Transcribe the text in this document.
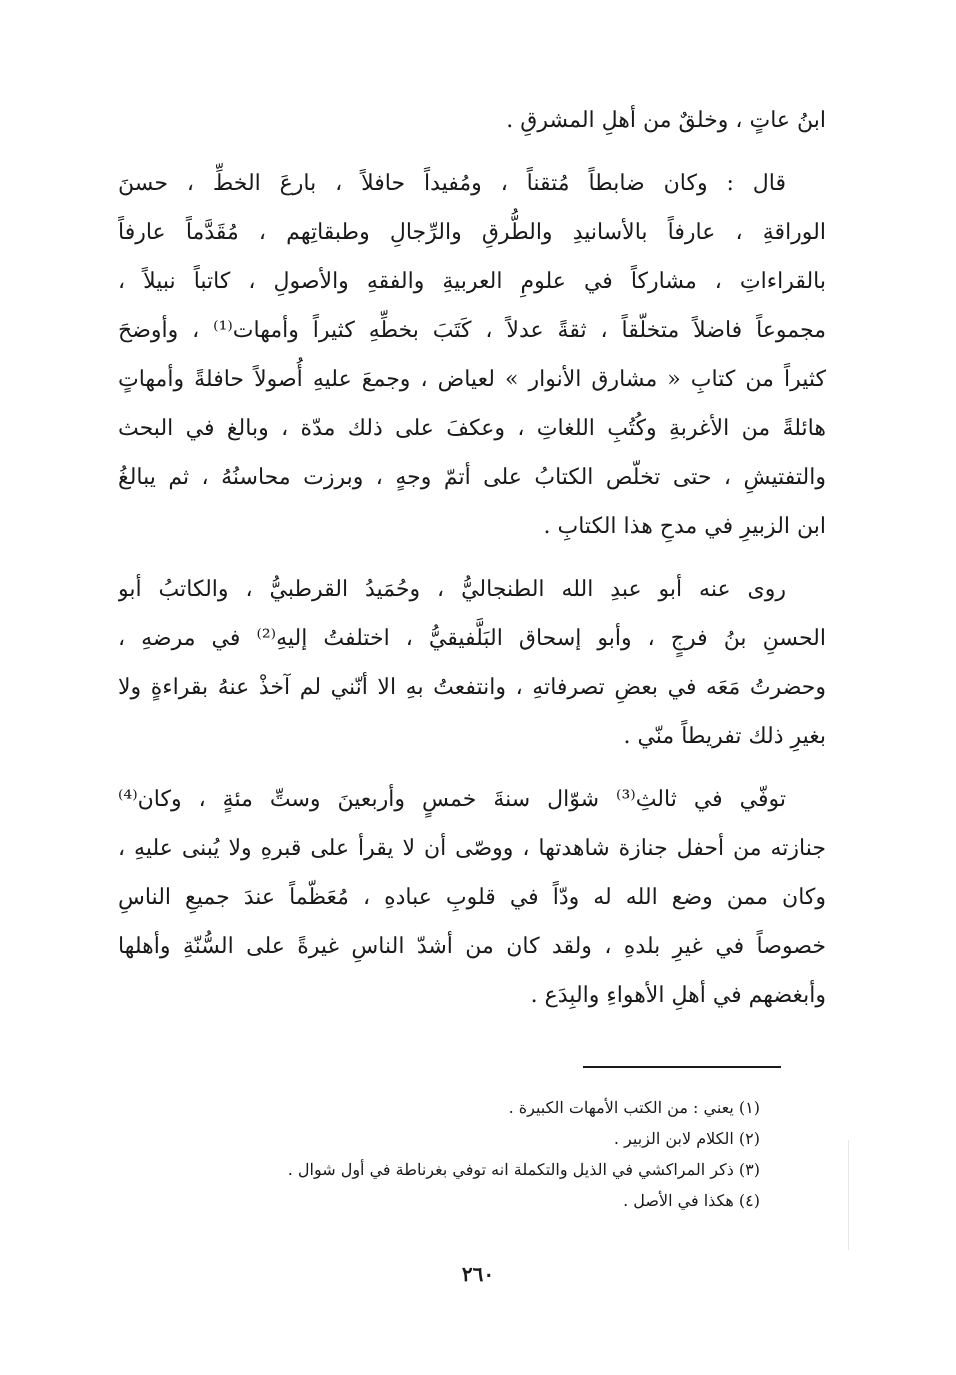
ابنُ عاتٍ ، وخلقٌ من أهلِ المشرقِ .
قال : وكان ضابطاً مُتقناً ، ومُفيداً حافلاً ، بارعَ الخطِّ ، حسنَ
الوراقةِ ، عارفاً بالأسانيدِ والطُّرقِ والرِّجالِ وطبقاتِهم ، مُقَدَّماً عارفاً
بالقراءاتِ ، مشاركاً في علومِ العربيةِ والفقهِ والأصولِ ، كاتباً نبيلاً ،
مجموعاً فاضلاً متخلّقاً ، ثقةً عدلاً ، كَتَبَ بخطِّهِ كثيراً وأمهات⁽¹⁾ ، وأوضحَ
كثيراً من كتابِ « مشارق الأنوار » لعياض ، وجمعَ عليهِ أُصولاً حافلةً وأمهاتٍ
هائلةً من الأغربةِ وكُتُبِ اللغاتِ ، وعكفَ على ذلك مدّة ، وبالغ في البحث
والتفتيشِ ، حتى تخلّص الكتابُ على أتمّ وجهٍ ، وبرزت محاسنُهُ ، ثم يبالغُ
ابن الزبيرِ في مدحِ هذا الكتابِ .
روى عنه أبو عبدِ الله الطنجاليُّ ، وحُمَيدُ القرطبيُّ ، والكاتبُ أبو
الحسنِ بنُ فرجٍ ، وأبو إسحاق البَلَّفيقيُّ ، اختلفتُ إليهِ⁽²⁾ في مرضهِ ،
وحضرتُ مَعَه في بعضِ تصرفاتهِ ، وانتفعتُ بهِ الا أنّني لم آخذْ عنهُ بقراءةٍ ولا
بغيرِ ذلك تفريطاً منّي .
توفّي في ثالثِ⁽³⁾ شوّال سنةَ خمسٍ وأربعينَ وستِّ مئةٍ ، وكان⁽⁴⁾
جنازته من أحفل جنازة شاهدتها ، ووصّى أن لا يقرأ على قبرهِ ولا يُبنى عليهِ ،
وكان ممن وضع الله له ودّاً في قلوبِ عبادهِ ، مُعَظّماً عندَ جميعِ الناسِ
خصوصاً في غيرِ بلدهِ ، ولقد كان من أشدّ الناسِ غيرةً على السُّنّةِ وأهلها
وأبغضهم في أهلِ الأهواءِ والبِدَع .
(١) يعني : من الكتب الأمهات الكبيرة .
(٢) الكلام لابن الزبير .
(٣) ذكر المراكشي في الذيل والتكملة انه توفي بغرناطة في أول شوال .
(٤) هكذا في الأصل .
٢٦٠
